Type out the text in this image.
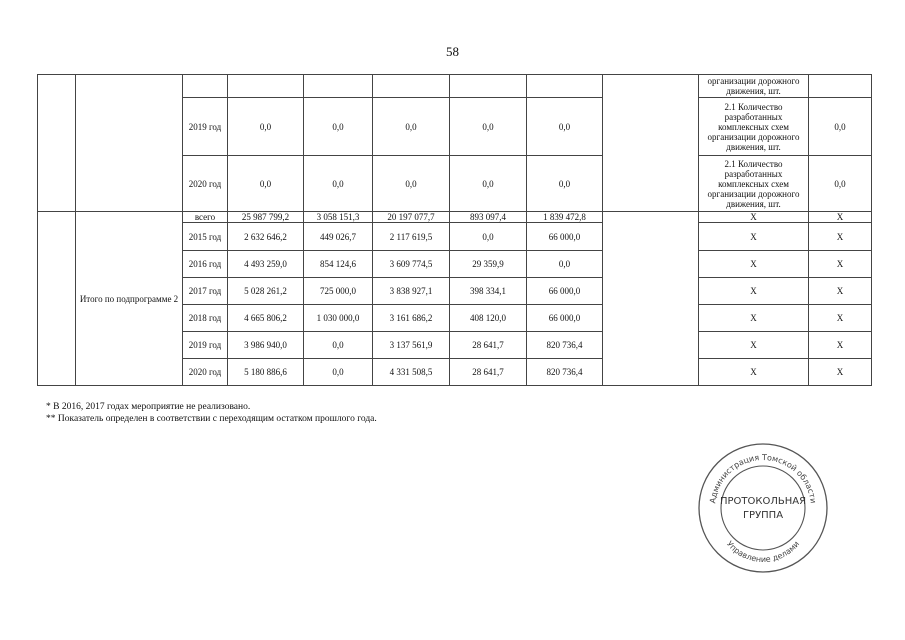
58
									организации дорожного движения, шт.	
		2019 год	0,0	0,0	0,0	0,0	0,0		2.1 Количество разработанных комплексных схем организации дорожного движения, шт.	0,0
		2020 год	0,0	0,0	0,0	0,0	0,0		2.1 Количество разработанных комплексных схем организации дорожного движения, шт.	0,0
	Итого по подпрограмме 2	всего	25 987 799,2	3 058 151,3	20 197 077,7	893 097,4	1 839 472,8		Х	Х
		2015 год	2 632 646,2	449 026,7	2 117 619,5	0,0	66 000,0		Х	Х
		2016 год	4 493 259,0	854 124,6	3 609 774,5	29 359,9	0,0		Х	Х
		2017 год	5 028 261,2	725 000,0	3 838 927,1	398 334,1	66 000,0		Х	Х
		2018 год	4 665 806,2	1 030 000,0	3 161 686,2	408 120,0	66 000,0		Х	Х
		2019 год	3 986 940,0	0,0	3 137 561,9	28 641,7	820 736,4		Х	Х
		2020 год	5 180 886,6	0,0	4 331 508,5	28 641,7	820 736,4		Х	Х
* В 2016, 2017 годах мероприятие не реализовано.
** Показатель определен в соответствии с переходящим остатком прошлого года.
Администрация Томской области
Управление делами
ПРОТОКОЛЬНАЯ
ГРУППА
